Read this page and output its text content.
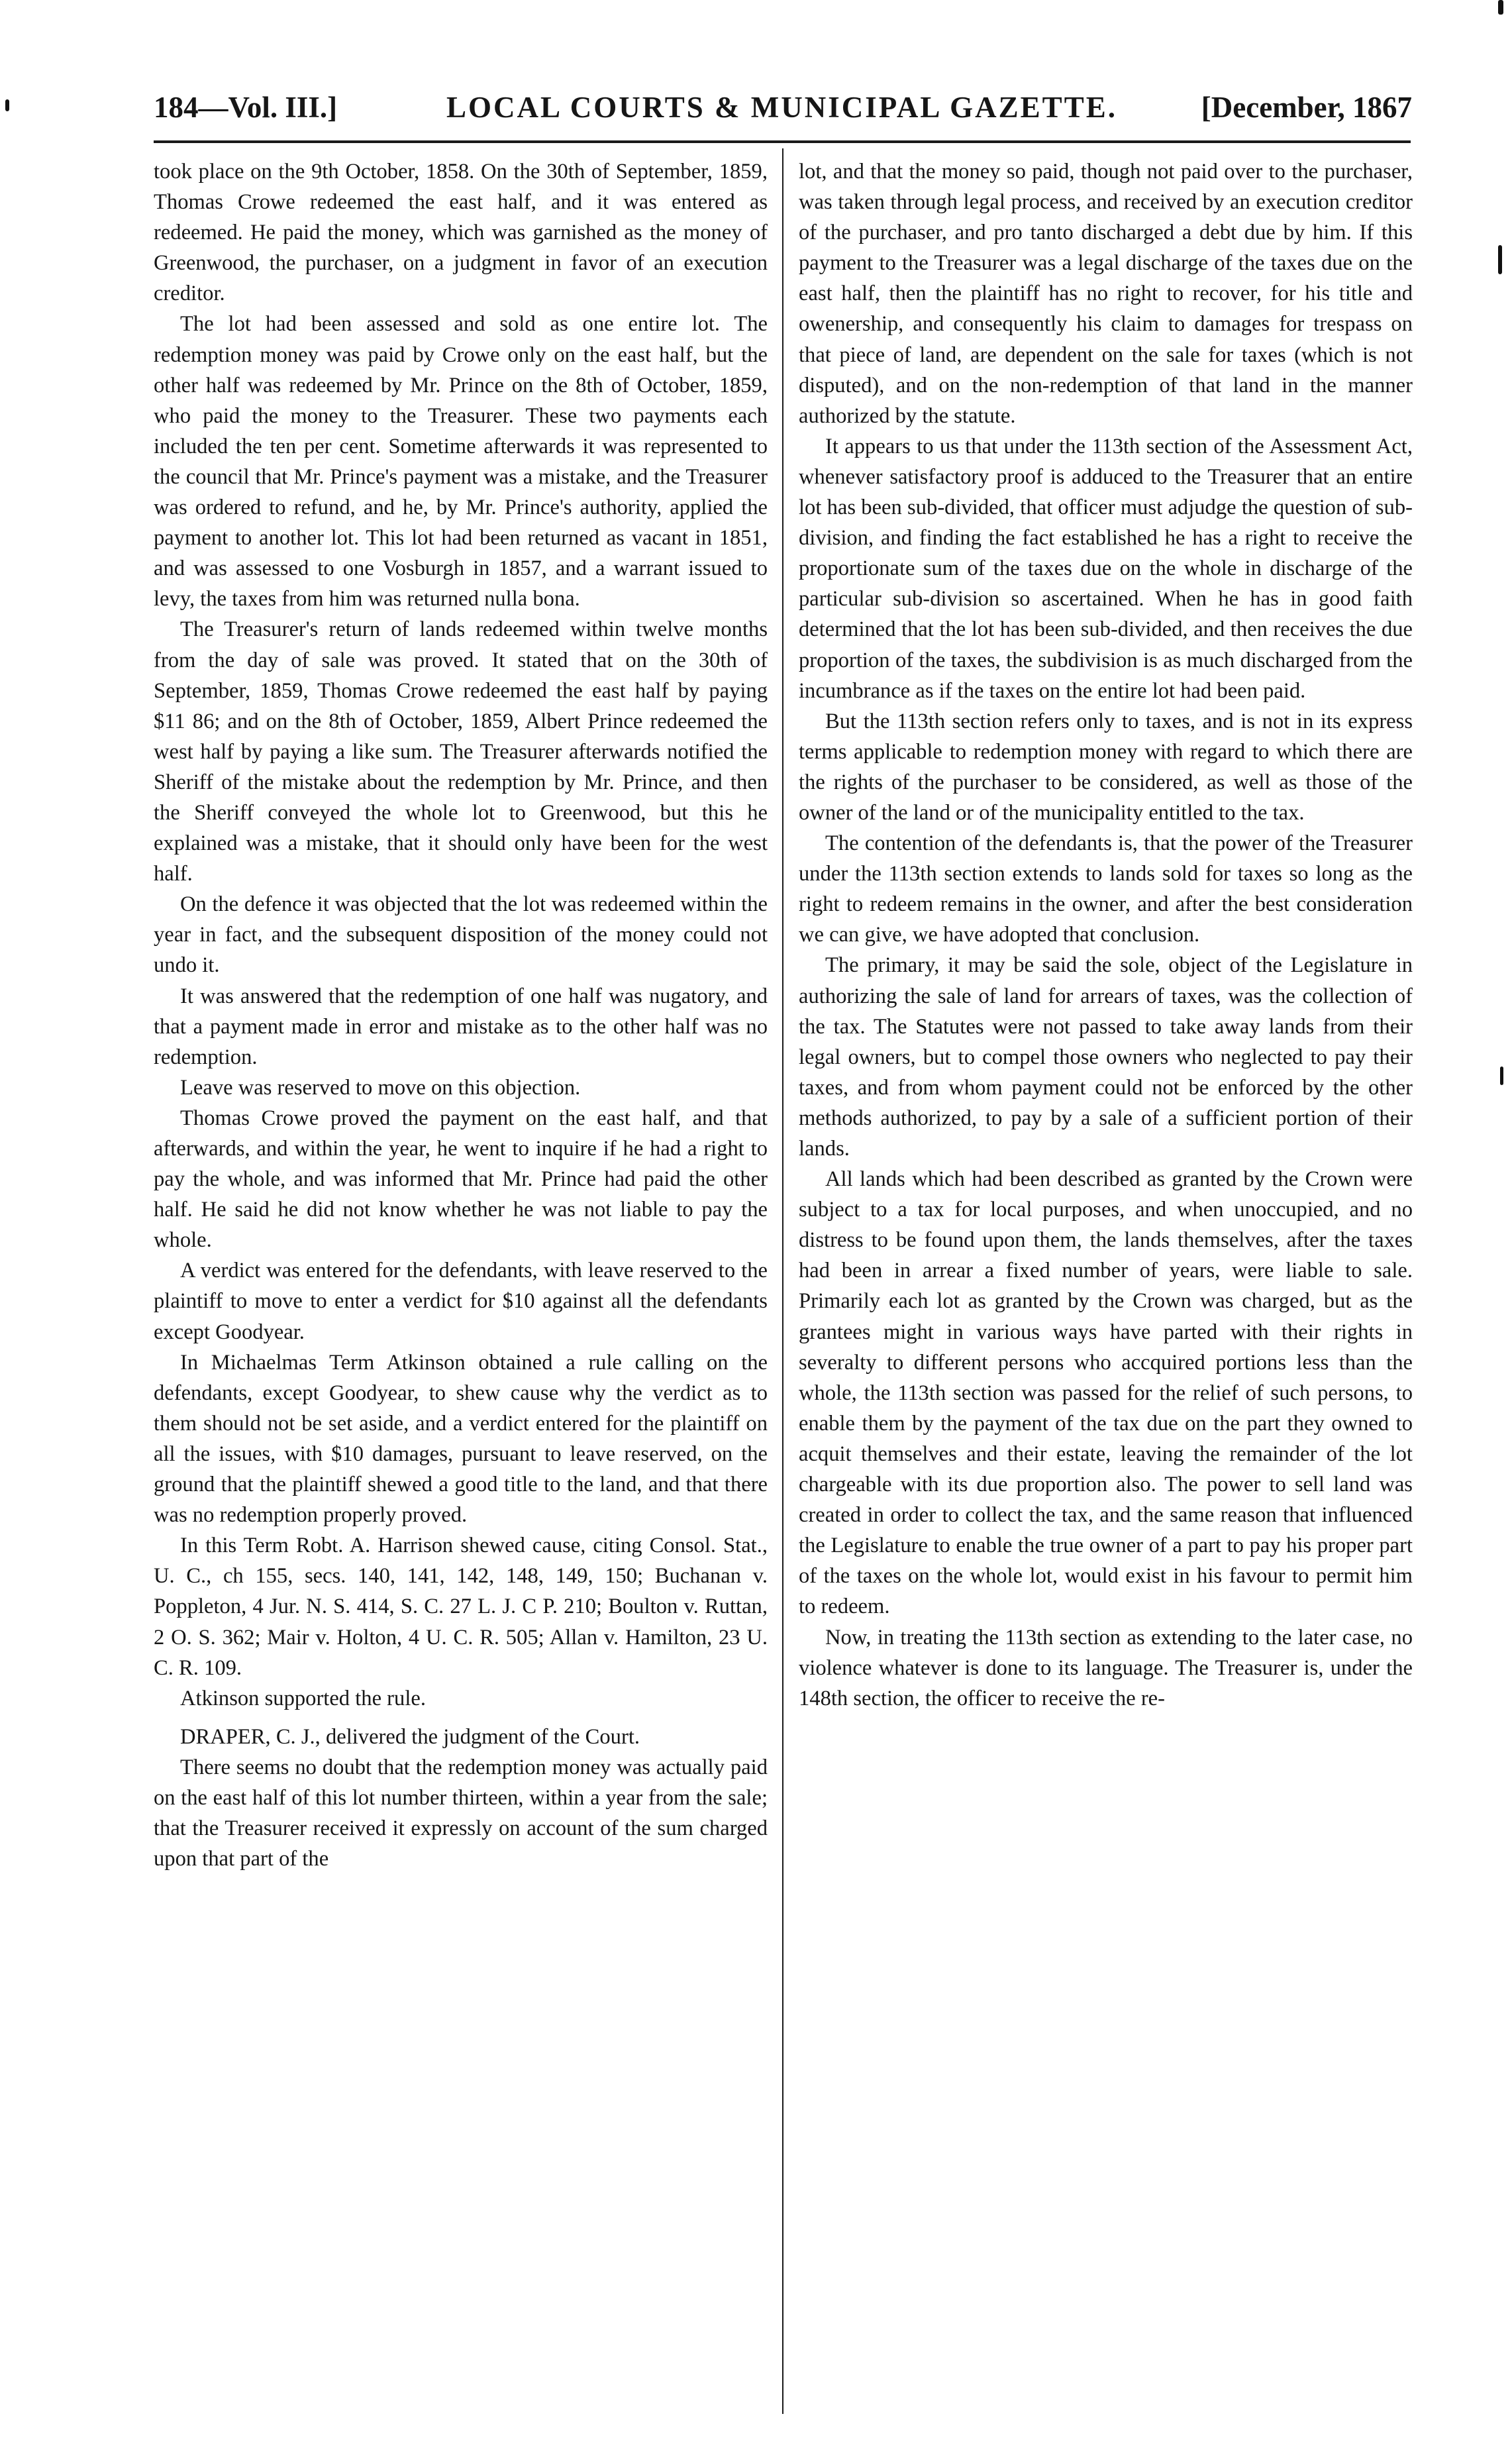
184—Vol. III.]	LOCAL COURTS & MUNICIPAL GAZETTE.	[December, 1867

took place on the 9th October, 1858. On the 30th of September, 1859, Thomas Crowe redeemed the east half, and it was entered as redeemed. He paid the money, which was garnished as the money of Greenwood, the purchaser, on a judgment in favor of an execution creditor.

The lot had been assessed and sold as one entire lot. The redemption money was paid by Crowe only on the east half, but the other half was redeemed by Mr. Prince on the 8th of October, 1859, who paid the money to the Treasurer. These two payments each included the ten per cent. Sometime afterwards it was represented to the council that Mr. Prince's payment was a mistake, and the Treasurer was ordered to refund, and he, by Mr. Prince's authority, applied the payment to another lot. This lot had been returned as vacant in 1851, and was assessed to one Vosburgh in 1857, and a warrant issued to levy, the taxes from him was returned nulla bona.

The Treasurer's return of lands redeemed within twelve months from the day of sale was proved. It stated that on the 30th of September, 1859, Thomas Crowe redeemed the east half by paying $11 86; and on the 8th of October, 1859, Albert Prince redeemed the west half by paying a like sum. The Treasurer afterwards notified the Sheriff of the mistake about the redemption by Mr. Prince, and then the Sheriff conveyed the whole lot to Greenwood, but this he explained was a mistake, that it should only have been for the west half.

On the defence it was objected that the lot was redeemed within the year in fact, and the subsequent disposition of the money could not undo it.

It was answered that the redemption of one half was nugatory, and that a payment made in error and mistake as to the other half was no redemption.

Leave was reserved to move on this objection.

Thomas Crowe proved the payment on the east half, and that afterwards, and within the year, he went to inquire if he had a right to pay the whole, and was informed that Mr. Prince had paid the other half. He said he did not know whether he was not liable to pay the whole.

A verdict was entered for the defendants, with leave reserved to the plaintiff to move to enter a verdict for $10 against all the defendants except Goodyear.

In Michaelmas Term Atkinson obtained a rule calling on the defendants, except Goodyear, to shew cause why the verdict as to them should not be set aside, and a verdict entered for the plaintiff on all the issues, with $10 damages, pursuant to leave reserved, on the ground that the plaintiff shewed a good title to the land, and that there was no redemption properly proved.

In this Term Robt. A. Harrison shewed cause, citing Consol. Stat., U. C., ch 155, secs. 140, 141, 142, 148, 149, 150; Buchanan v. Poppleton, 4 Jur. N. S. 414, S. C. 27 L. J. C P. 210; Boulton v. Ruttan, 2 O. S. 362; Mair v. Holton, 4 U. C. R. 505; Allan v. Hamilton, 23 U. C. R. 109.

Atkinson supported the rule.

DRAPER, C. J., delivered the judgment of the Court.

There seems no doubt that the redemption money was actually paid on the east half of this lot number thirteen, within a year from the sale; that the Treasurer received it expressly on account of the sum charged upon that part of the

lot, and that the money so paid, though not paid over to the purchaser, was taken through legal process, and received by an execution creditor of the purchaser, and pro tanto discharged a debt due by him. If this payment to the Treasurer was a legal discharge of the taxes due on the east half, then the plaintiff has no right to recover, for his title and owenership, and consequently his claim to damages for trespass on that piece of land, are dependent on the sale for taxes (which is not disputed), and on the non-redemption of that land in the manner authorized by the statute.

It appears to us that under the 113th section of the Assessment Act, whenever satisfactory proof is adduced to the Treasurer that an entire lot has been sub-divided, that officer must adjudge the question of sub-division, and finding the fact established he has a right to receive the proportionate sum of the taxes due on the whole in discharge of the particular sub-division so ascertained. When he has in good faith determined that the lot has been sub-divided, and then receives the due proportion of the taxes, the subdivision is as much discharged from the incumbrance as if the taxes on the entire lot had been paid.

But the 113th section refers only to taxes, and is not in its express terms applicable to redemption money with regard to which there are the rights of the purchaser to be considered, as well as those of the owner of the land or of the municipality entitled to the tax.

The contention of the defendants is, that the power of the Treasurer under the 113th section extends to lands sold for taxes so long as the right to redeem remains in the owner, and after the best consideration we can give, we have adopted that conclusion.

The primary, it may be said the sole, object of the Legislature in authorizing the sale of land for arrears of taxes, was the collection of the tax. The Statutes were not passed to take away lands from their legal owners, but to compel those owners who neglected to pay their taxes, and from whom payment could not be enforced by the other methods authorized, to pay by a sale of a sufficient portion of their lands.

All lands which had been described as granted by the Crown were subject to a tax for local purposes, and when unoccupied, and no distress to be found upon them, the lands themselves, after the taxes had been in arrear a fixed number of years, were liable to sale. Primarily each lot as granted by the Crown was charged, but as the grantees might in various ways have parted with their rights in severalty to different persons who accquired portions less than the whole, the 113th section was passed for the relief of such persons, to enable them by the payment of the tax due on the part they owned to acquit themselves and their estate, leaving the remainder of the lot chargeable with its due proportion also. The power to sell land was created in order to collect the tax, and the same reason that influenced the Legislature to enable the true owner of a part to pay his proper part of the taxes on the whole lot, would exist in his favour to permit him to redeem.

Now, in treating the 113th section as extending to the later case, no violence whatever is done to its language. The Treasurer is, under the 148th section, the officer to receive the re-
